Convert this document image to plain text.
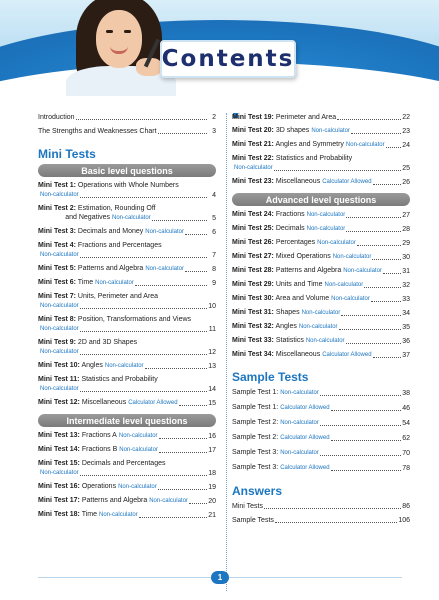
Contents
Introduction	2
The Strengths and Weaknesses Chart	3
Mini Tests
Basic level questions
Mini Test 1: Operations with Whole Numbers
Non-calculator	4
Mini Test 2: Estimation, Rounding Off
and Negatives Non-calculator	5
Mini Test 3: Decimals and Money Non-calculator	6
Mini Test 4: Fractions and Percentages
Non-calculator	7
Mini Test 5: Patterns and Algebra Non-calculator	8
Mini Test 6: Time Non-calculator	9
Mini Test 7: Units, Perimeter and Area
Non-calculator	10
Mini Test 8: Position, Transformations and Views
Non-calculator	11
Mini Test 9: 2D and 3D Shapes
Non-calculator	12
Mini Test 10: Angles Non-calculator	13
Mini Test 11: Statistics and Probability
Non-calculator	14
Mini Test 12: Miscellaneous Calculator Allowed	15
Intermediate level questions
Mini Test 13: Fractions A Non-calculator	16
Mini Test 14: Fractions B Non-calculator	17
Mini Test 15: Decimals and Percentages
Non-calculator	18
Mini Test 16: Operations Non-calculator	19
Mini Test 17: Patterns and Algebra Non-calculator	20
Mini Test 18: Time Non-calculator	21
Mini Test 19: Perimeter and Area	22
Mini Test 20: 3D shapes Non-calculator	23
Mini Test 21: Angles and Symmetry Non-calculator	24
Mini Test 22: Statistics and Probability
Non-calculator	25
Mini Test 23: Miscellaneous Calculator Allowed	26
Advanced level questions
Mini Test 24: Fractions Non-calculator	27
Mini Test 25: Decimals Non-calculator	28
Mini Test 26: Percentages Non-calculator	29
Mini Test 27: Mixed Operations Non-calculator	30
Mini Test 28: Patterns and Algebra Non-calculator	31
Mini Test 29: Units and Time Non-calculator	32
Mini Test 30: Area and Volume Non-calculator	33
Mini Test 31: Shapes Non-calculator	34
Mini Test 32: Angles Non-calculator	35
Mini Test 33: Statistics Non-calculator	36
Mini Test 34: Miscellaneous Calculator Allowed	37
Sample Tests
Sample Test 1: Non-calculator	38
Sample Test 1: Calculator Allowed	46
Sample Test 2: Non-calculator	54
Sample Test 2: Calculator Allowed	62
Sample Test 3: Non-calculator	70
Sample Test 3: Calculator Allowed	78
Answers
Mini Tests	86
Sample Tests	106
1
